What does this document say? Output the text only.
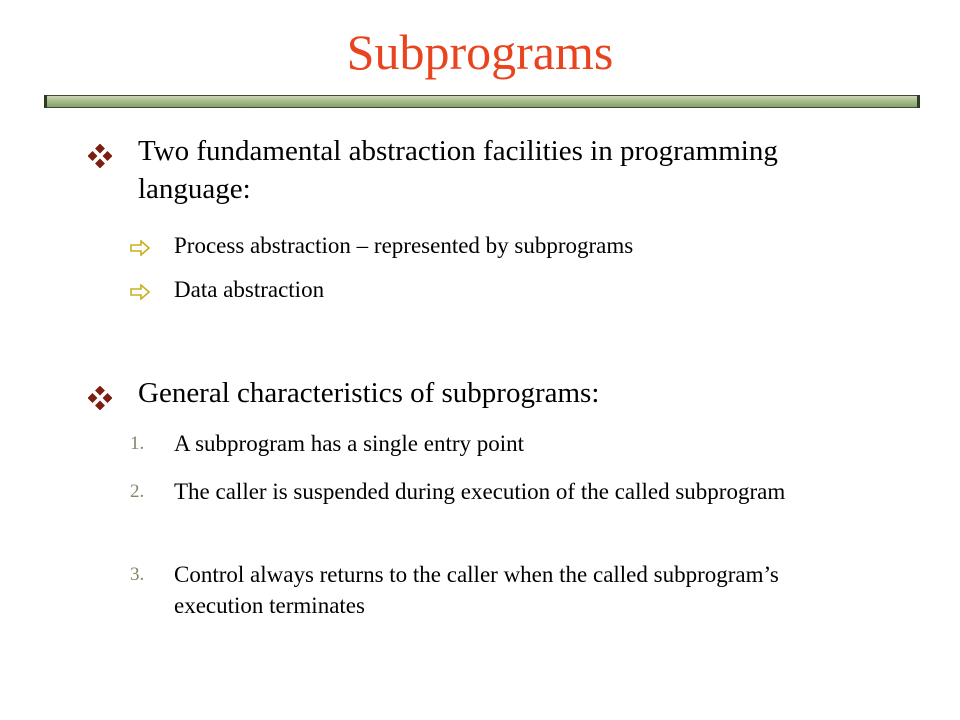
Subprograms
Two fundamental abstraction facilities in programming language:
Process abstraction – represented by subprograms
Data abstraction
General characteristics of subprograms:
1.	A subprogram has a single entry point
2.	The caller is suspended during execution of the called subprogram
3.	Control always returns to the caller when the called subprogram’s execution terminates
